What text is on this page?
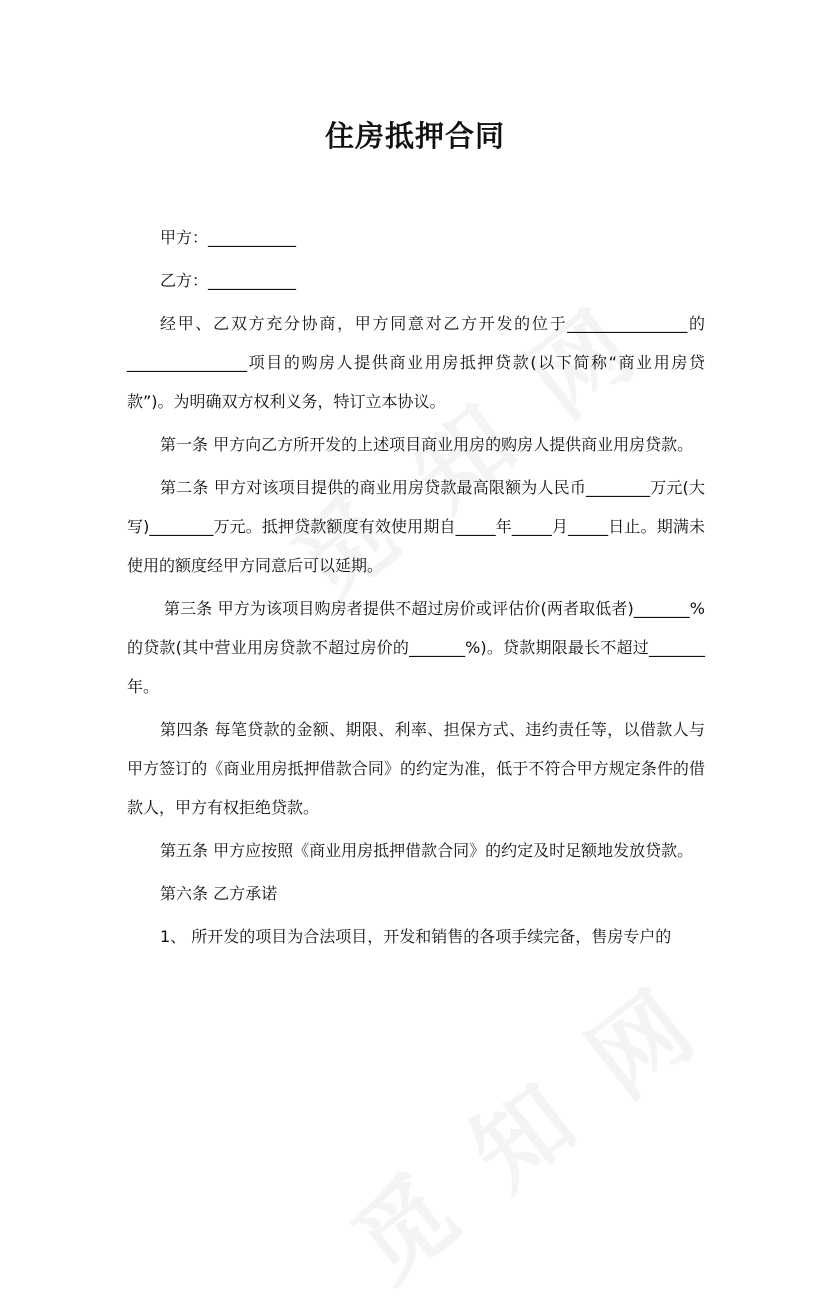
住房抵押合同

甲方：___________

乙方：___________

经甲、乙双方充分协商，甲方同意对乙方开发的位于_______________的_______________项目的购房人提供商业用房抵押贷款(以下简称“商业用房贷款”)。为明确双方权利义务，特订立本协议。

第一条 甲方向乙方所开发的上述项目商业用房的购房人提供商业用房贷款。

第二条 甲方对该项目提供的商业用房贷款最高限额为人民币________万元(大写)________万元。抵押贷款额度有效使用期自_____年_____月_____日止。期满未使用的额度经甲方同意后可以延期。

第三条 甲方为该项目购房者提供不超过房价或评估价(两者取低者)_______%的贷款(其中营业用房贷款不超过房价的_______%)。贷款期限最长不超过_______年。

第四条 每笔贷款的金额、期限、利率、担保方式、违约责任等，以借款人与甲方签订的《商业用房抵押借款合同》的约定为准，低于不符合甲方规定条件的借款人，甲方有权拒绝贷款。

第五条 甲方应按照《商业用房抵押借款合同》的约定及时足额地发放贷款。

第六条 乙方承诺

1、 所开发的项目为合法项目，开发和销售的各项手续完备，售房专户的
